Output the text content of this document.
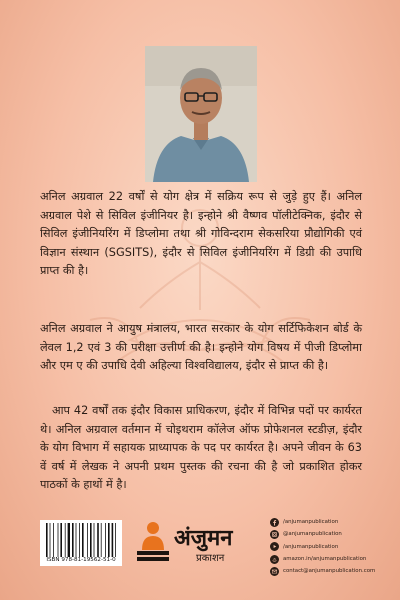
अनिल अग्रवाल 22 वर्षों से योग क्षेत्र में सक्रिय रूप से जुड़े हुए हैं। अनिल अग्रवाल पेशे से सिविल इंजीनियर है। इन्होने श्री वैष्णव पॉलीटेक्निक, इंदौर से सिविल इंजीनियरिंग में डिप्लोमा तथा श्री गोविन्दराम सेकसरिया प्रौद्योगिकी एवं विज्ञान संस्थान (SGSITS), इंदौर से सिविल इंजीनियरिंग में डिग्री की उपाधि प्राप्त की है।

अनिल अग्रवाल ने आयुष मंत्रालय, भारत सरकार के योग सर्टिफिकेशन बोर्ड के लेवल 1,2 एवं 3 की परीक्षा उत्तीर्ण की है। इन्होने योग विषय में पीजी डिप्लोमा और एम ए की उपाधि देवी अहिल्या विश्वविद्यालय, इंदौर से प्राप्त की है।

आप 42 वर्षों तक इंदौर विकास प्राधिकरण, इंदौर में विभिन्न पदों पर कार्यरत थे। अनिल अग्रवाल वर्तमान में चोइथराम कॉलेज ऑफ प्रोफेशनल स्टडीज़, इंदौर के योग विभाग में सहायक प्राध्यापक के पद पर कार्यरत है। अपने जीवन के 63 वें वर्ष में लेखक ने अपनी प्रथम पुस्तक की रचना की है जो प्रकाशित होकर पाठकों के हाथों में है।

ISBN 978-81-19562-51-0
अंजुमन
प्रकाशन
/anjumanpublication
@anjumanpublication
/anjumanpublication
a amazon.in/anjumanpublication
contact@anjumanpublication.com
